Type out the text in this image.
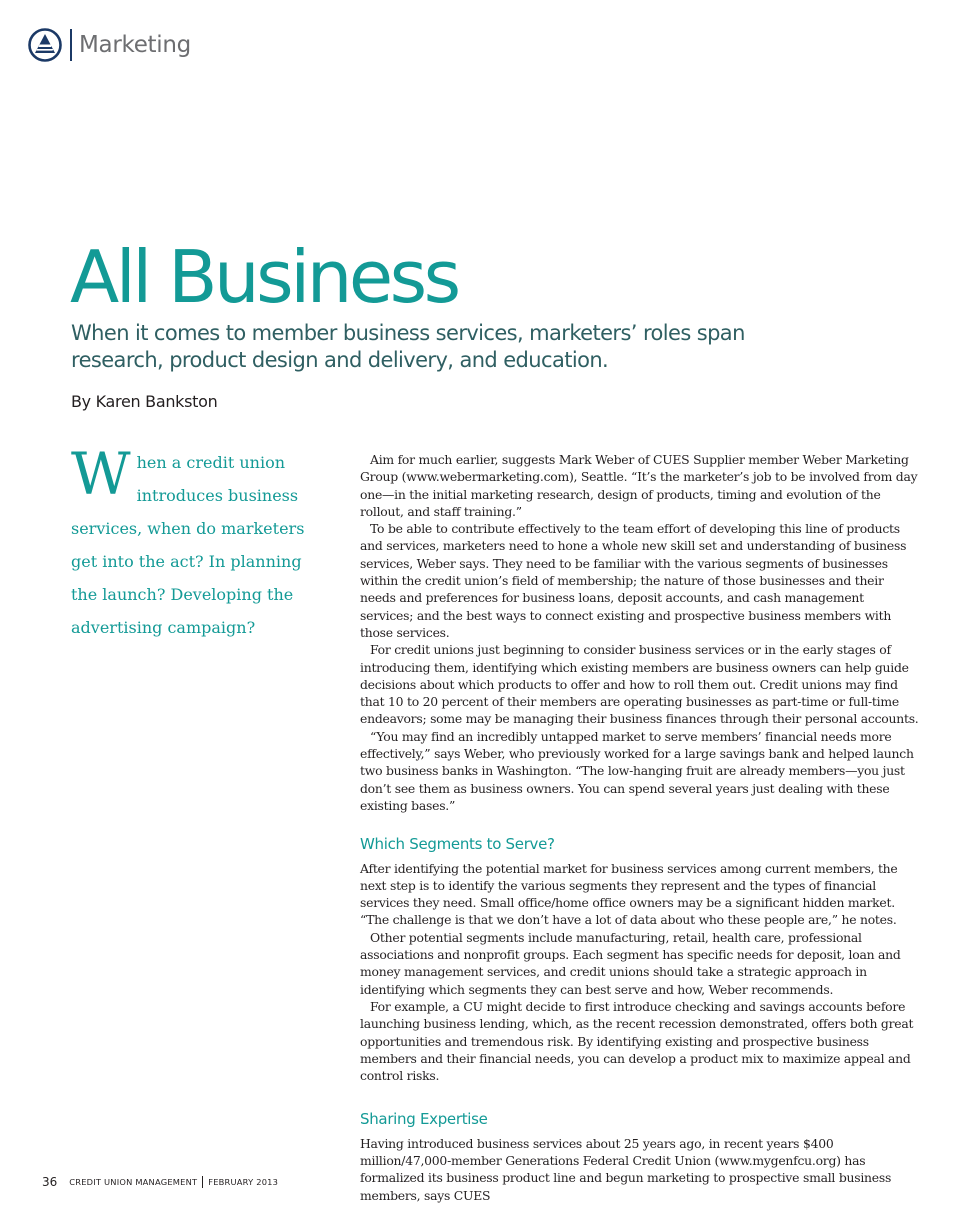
Marketing
All Business

When it comes to member business services, marketers’ roles span research, product design and delivery, and education.

By Karen Bankston
When a credit union introduces business services, when do marketers get into the act? In planning the launch? Developing the advertising campaign?

Aim for much earlier, suggests Mark Weber of CUES Supplier member Weber Marketing Group (www.webermarketing.com), Seattle. “It’s the marketer’s job to be involved from day one—in the initial marketing research, design of products, timing and evolution of the rollout, and staff training.”

To be able to contribute effectively to the team effort of developing this line of products and services, marketers need to hone a whole new skill set and understanding of business services, Weber says. They need to be familiar with the various segments of businesses within the credit union’s field of membership; the nature of those businesses and their needs and preferences for business loans, deposit accounts, and cash management services; and the best ways to connect existing and prospective business members with those services.

For credit unions just beginning to consider business services or in the early stages of introducing them, identifying which existing members are business owners can help guide decisions about which products to offer and how to roll them out. Credit unions may find that 10 to 20 percent of their members are operating businesses as part-time or full-time endeavors; some may be managing their business finances through their personal accounts.

“You may find an incredibly untapped market to serve members’ financial needs more effectively,” says Weber, who previously worked for a large savings bank and helped launch two business banks in Washington. “The low-hanging fruit are already members—you just don’t see them as business owners. You can spend several years just dealing with these existing bases.”

Which Segments to Serve?

After identifying the potential market for business services among current members, the next step is to identify the various segments they represent and the types of financial services they need. Small office/home office owners may be a significant hidden market. “The challenge is that we don’t have a lot of data about who these people are,” he notes.

Other potential segments include manufacturing, retail, health care, professional associations and nonprofit groups. Each segment has specific needs for deposit, loan and money management services, and credit unions should take a strategic approach in identifying which segments they can best serve and how, Weber recommends.

For example, a CU might decide to first introduce checking and savings accounts before launching business lending, which, as the recent recession demonstrated, offers both great opportunities and tremendous risk. By identifying existing and prospective business members and their financial needs, you can develop a product mix to maximize appeal and control risks.

Sharing Expertise

Having introduced business services about 25 years ago, in recent years $400 million/47,000-member Generations Federal Credit Union (www.mygenfcu.org) has formalized its business product line and begun marketing to prospective small business members, says CUES

36 CREDIT UNION MANAGEMENT FEBRUARY 2013
